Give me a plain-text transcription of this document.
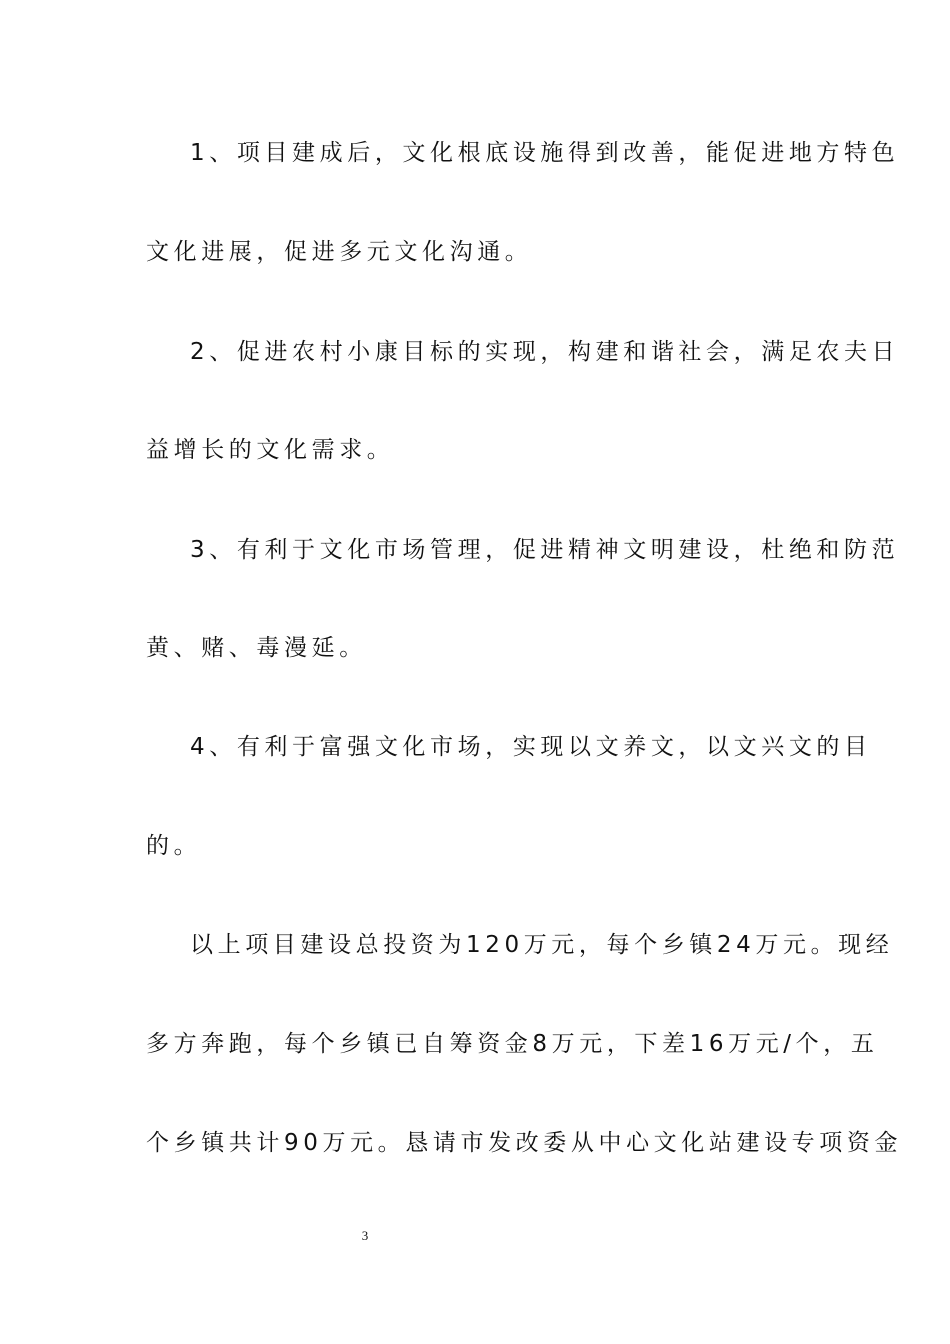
1、项目建成后，文化根底设施得到改善，能促进地方特色
文化进展，促进多元文化沟通。
2、促进农村小康目标的实现，构建和谐社会，满足农夫日
益增长的文化需求。
3、有利于文化市场管理，促进精神文明建设，杜绝和防范
黄、赌、毒漫延。
4、有利于富强文化市场，实现以文养文，以文兴文的目
的。
以上项目建设总投资为120万元，每个乡镇24万元。现经
多方奔跑，每个乡镇已自筹资金8万元，下差16万元/个，五
个乡镇共计90万元。恳请市发改委从中心文化站建设专项资金
3
